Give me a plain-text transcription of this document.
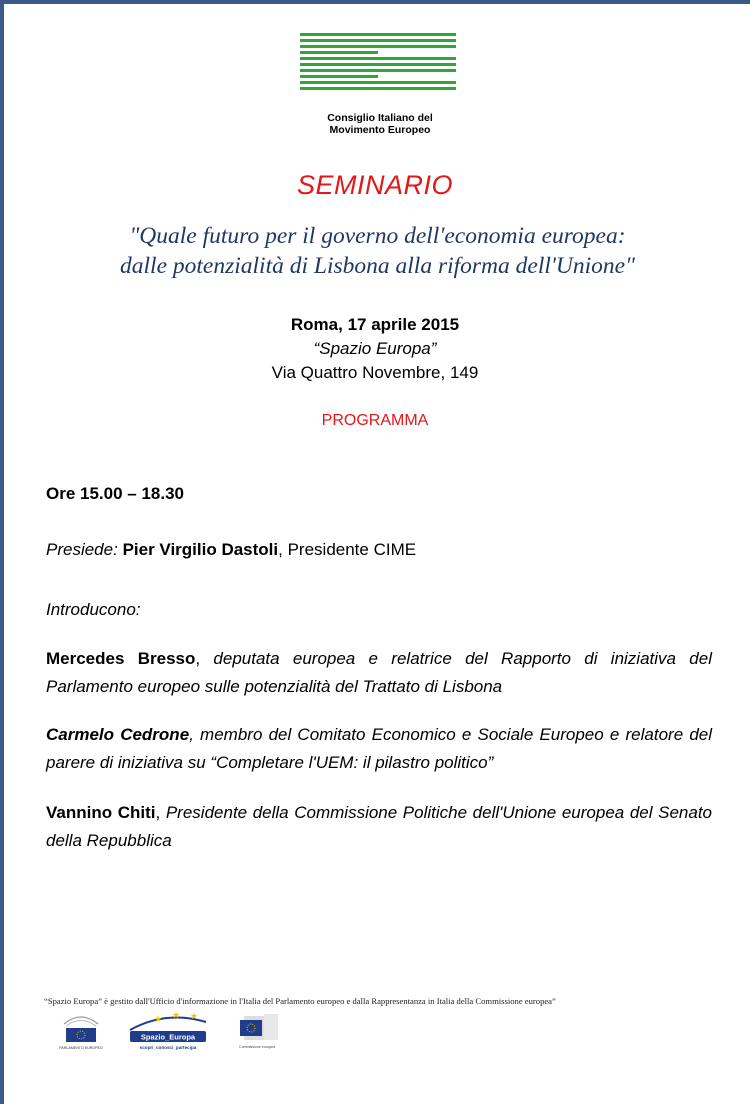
Consiglio Italiano del
Movimento Europeo
SEMINARIO
"Quale futuro per il governo dell'economia europea:
dalle potenzialità di Lisbona alla riforma dell'Unione"
Roma, 17 aprile 2015
“Spazio Europa”
Via Quattro Novembre, 149
PROGRAMMA
Ore 15.00 – 18.30
Presiede: Pier Virgilio Dastoli, Presidente CIME
Introducono:
Mercedes Bresso, deputata europea e relatrice del Rapporto di iniziativa del Parlamento europeo sulle potenzialità del Trattato di Lisbona
Carmelo Cedrone, membro del Comitato Economico e Sociale Europeo e relatore del parere di iniziativa su “Completare l'UEM: il pilastro politico”
Vannino Chiti, Presidente della Commissione Politiche dell'Unione europea del Senato della Repubblica
“Spazio Europa” è gestito dall'Ufficio d'informazione in l'Italia del Parlamento europeo e dalla Rappresentanza in Italia della Commissione europea”
PARLAMENTO EUROPEO
★ ★ ★
Spazio_Europa
scopri_conosci_partecipa	Commissione europea
